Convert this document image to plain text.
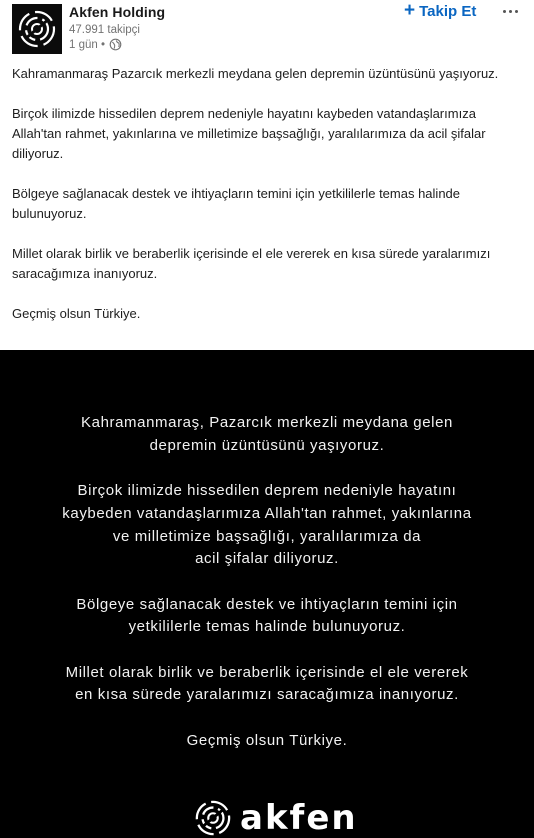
Akfen Holding
47.991 takipçi
1 gün •
+ Takip Et

Kahramanmaraş Pazarcık merkezli meydana gelen depremin üzüntüsünü yaşıyoruz.

Birçok ilimizde hissedilen deprem nedeniyle hayatını kaybeden vatandaşlarımıza Allah'tan rahmet, yakınlarına ve milletimize başsağlığı, yaralılarımıza da acil şifalar diliyoruz.

Bölgeye sağlanacak destek ve ihtiyaçların temini için yetkililerle temas halinde bulunuyoruz.

Millet olarak birlik ve beraberlik içerisinde el ele vererek en kısa sürede yaralarımızı saracağımıza inanıyoruz.

Geçmiş olsun Türkiye.

Kahramanmaraş, Pazarcık merkezli meydana gelen
depremin üzüntüsünü yaşıyoruz.

Birçok ilimizde hissedilen deprem nedeniyle hayatını
kaybeden vatandaşlarımıza Allah'tan rahmet, yakınlarına
ve milletimize başsağlığı, yaralılarımıza da
acil şifalar diliyoruz.

Bölgeye sağlanacak destek ve ihtiyaçların temini için
yetkililerle temas halinde bulunuyoruz.

Millet olarak birlik ve beraberlik içerisinde el ele vererek
en kısa sürede yaralarımızı saracağımıza inanıyoruz.

Geçmiş olsun Türkiye.

akfen
